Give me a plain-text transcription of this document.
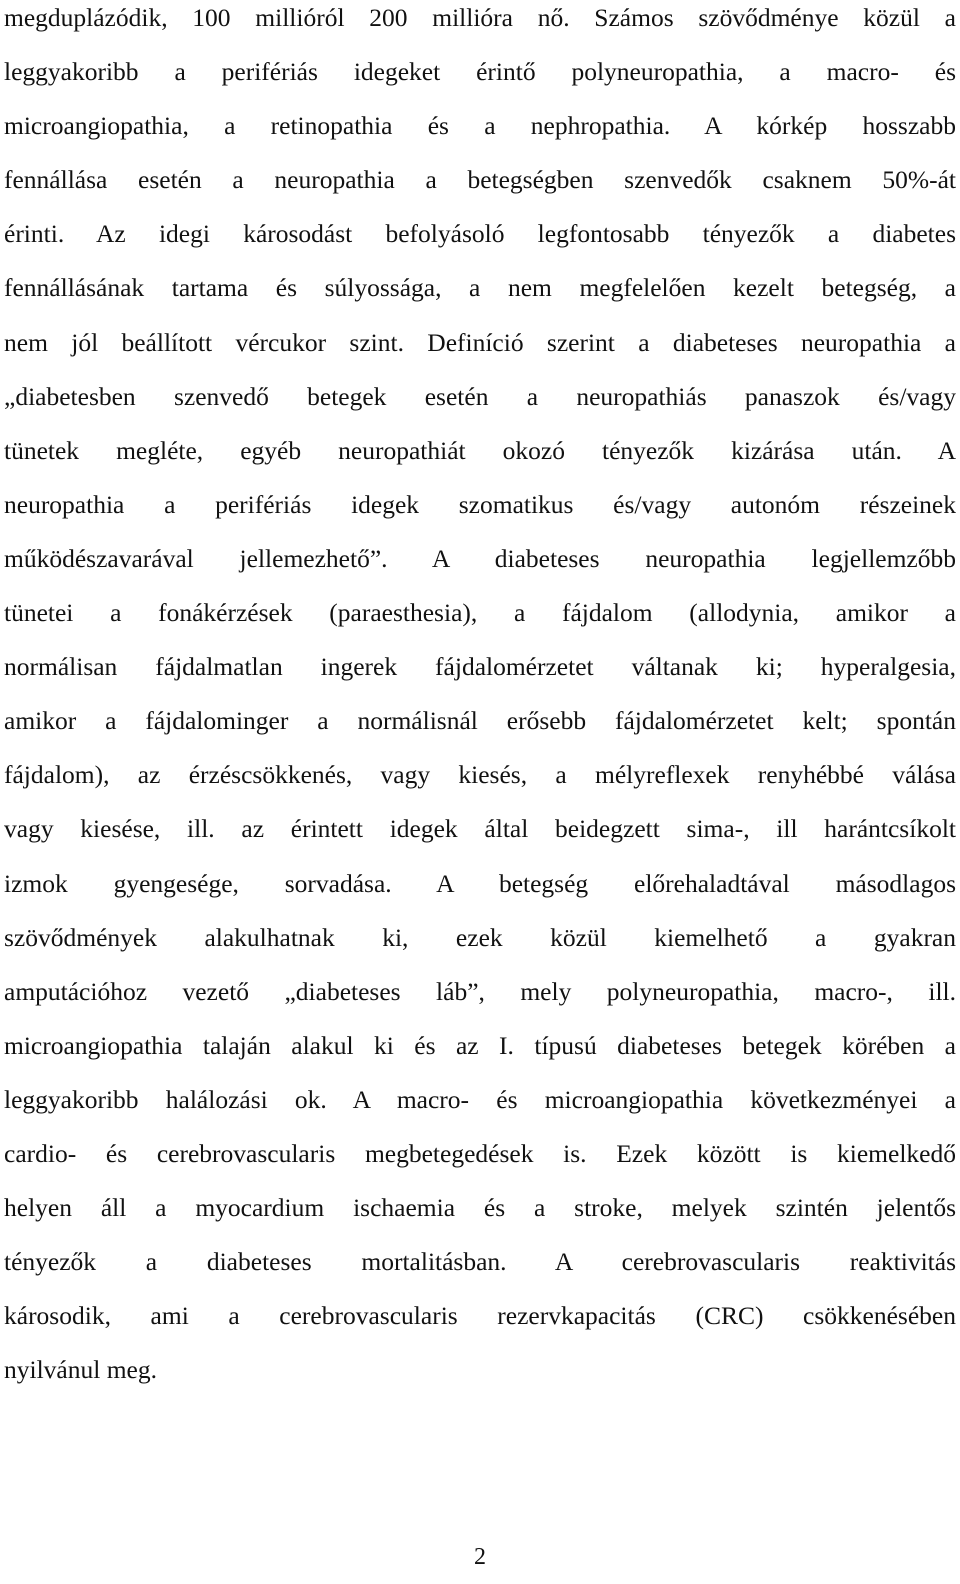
megduplázódik, 100 millióról 200 millióra nő. Számos szövődménye közül a
leggyakoribb a perifériás idegeket érintő polyneuropathia, a macro- és
microangiopathia, a retinopathia és a nephropathia. A kórkép hosszabb
fennállása esetén a neuropathia a betegségben szenvedők csaknem 50%-át
érinti. Az idegi károsodást befolyásoló legfontosabb tényezők a diabetes
fennállásának tartama és súlyossága, a nem megfelelően kezelt betegség, a
nem jól beállított vércukor szint. Definíció szerint a diabeteses neuropathia a
„diabetesben szenvedő betegek esetén a neuropathiás panaszok és/vagy
tünetek megléte, egyéb neuropathiát okozó tényezők kizárása után. A
neuropathia a perifériás idegek szomatikus és/vagy autonóm részeinek
működészavarával jellemezhető”. A diabeteses neuropathia legjellemzőbb
tünetei a fonákérzések (paraesthesia), a fájdalom (allodynia, amikor a
normálisan fájdalmatlan ingerek fájdalomérzetet váltanak ki; hyperalgesia,
amikor a fájdalominger a normálisnál erősebb fájdalomérzetet kelt; spontán
fájdalom), az érzéscsökkenés, vagy kiesés, a mélyreflexek renyhébbé válása
vagy kiesése, ill. az érintett idegek által beidegzett sima-, ill harántcsíkolt
izmok gyengesége, sorvadása. A betegség előrehaladtával másodlagos
szövődmények alakulhatnak ki, ezek közül kiemelhető a gyakran
amputációhoz vezető „diabeteses láb”, mely polyneuropathia, macro-, ill.
microangiopathia talaján alakul ki és az I. típusú diabeteses betegek körében a
leggyakoribb halálozási ok. A macro- és microangiopathia következményei a
cardio- és cerebrovascularis megbetegedések is. Ezek között is kiemelkedő
helyen áll a myocardium ischaemia és a stroke, melyek szintén jelentős
tényezők a diabeteses mortalitásban. A cerebrovascularis reaktivitás
károsodik, ami a cerebrovascularis rezervkapacitás (CRC) csökkenésében
nyilvánul meg.
2
